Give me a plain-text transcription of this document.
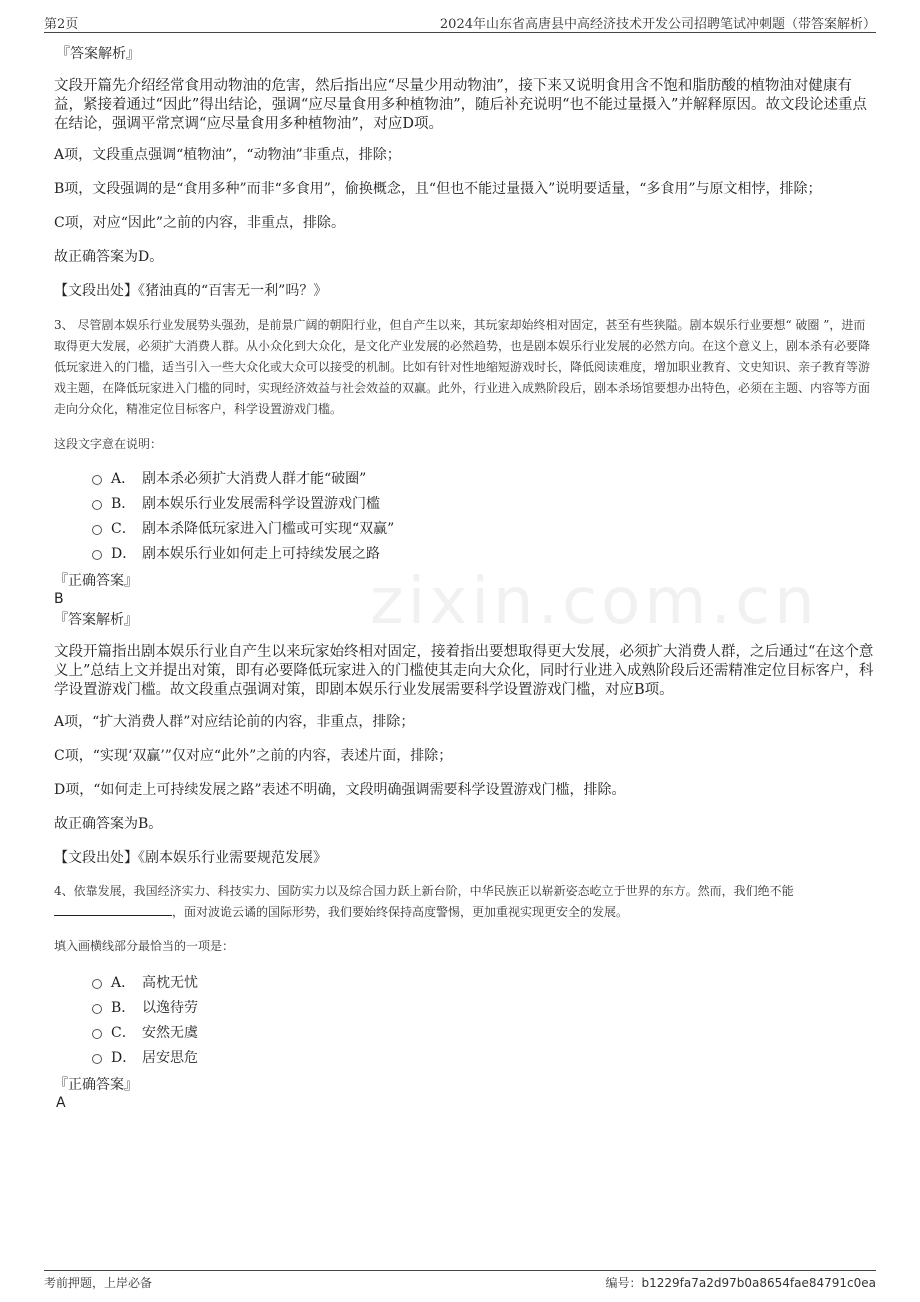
第2页	2024年山东省高唐县中高经济技术开发公司招聘笔试冲刺题（带答案解析）
zixin.com.cn

『答案解析』

文段开篇先介绍经常食用动物油的危害，然后指出应“尽量少用动物油”，接下来又说明食用含不饱和脂肪酸的植物油对健康有益，紧接着通过“因此”得出结论，强调“应尽量食用多种植物油”，随后补充说明“也不能过量摄入”并解释原因。故文段论述重点在结论，强调平常烹调“应尽量食用多种植物油”，对应D项。

A项，文段重点强调“植物油”，“动物油”非重点，排除；

B项，文段强调的是“食用多种”而非“多食用”，偷换概念，且“但也不能过量摄入”说明要适量，“多食用”与原文相悖，排除；

C项，对应“因此”之前的内容，非重点，排除。

故正确答案为D。

【文段出处】《猪油真的“百害无一利”吗？》

3、 尽管剧本娱乐行业发展势头强劲，是前景广阔的朝阳行业，但自产生以来，其玩家却始终相对固定，甚至有些狭隘。剧本娱乐行业要想“ 破圈 ”，进而取得更大发展，必须扩大消费人群。从小众化到大众化，是文化产业发展的必然趋势，也是剧本娱乐行业发展的必然方向。在这个意义上，剧本杀有必要降低玩家进入的门槛，适当引入一些大众化或大众可以接受的机制。比如有针对性地缩短游戏时长，降低阅读难度，增加职业教育、文史知识、亲子教育等游戏主题，在降低玩家进入门槛的同时，实现经济效益与社会效益的双赢。此外，行业进入成熟阶段后，剧本杀场馆要想办出特色，必须在主题、内容等方面走向分众化，精准定位目标客户，科学设置游戏门槛。

这段文字意在说明：

A． 剧本杀必须扩大消费人群才能“破圈”
B． 剧本娱乐行业发展需科学设置游戏门槛
C． 剧本杀降低玩家进入门槛或可实现“双赢”
D． 剧本娱乐行业如何走上可持续发展之路

『正确答案』

B

『答案解析』

文段开篇指出剧本娱乐行业自产生以来玩家始终相对固定，接着指出要想取得更大发展，必须扩大消费人群，之后通过“在这个意义上”总结上文并提出对策，即有必要降低玩家进入的门槛使其走向大众化，同时行业进入成熟阶段后还需精准定位目标客户，科学设置游戏门槛。故文段重点强调对策，即剧本娱乐行业发展需要科学设置游戏门槛，对应B项。

A项，“扩大消费人群”对应结论前的内容，非重点，排除；

C项，“实现‘双赢’”仅对应“此外”之前的内容，表述片面，排除；

D项，“如何走上可持续发展之路”表述不明确，文段明确强调需要科学设置游戏门槛，排除。

故正确答案为B。

【文段出处】《剧本娱乐行业需要规范发展》

4、依靠发展，我国经济实力、科技实力、国防实力以及综合国力跃上新台阶，中华民族正以崭新姿态屹立于世界的东方。然而，我们绝不能，面对波诡云谲的国际形势，我们要始终保持高度警惕，更加重视实现更安全的发展。

填入画横线部分最恰当的一项是：

A． 高枕无忧
B． 以逸待劳
C． 安然无虞
D． 居安思危

『正确答案』

A

考前押题，上岸必备	编号：b1229fa7a2d97b0a8654fae84791c0ea
